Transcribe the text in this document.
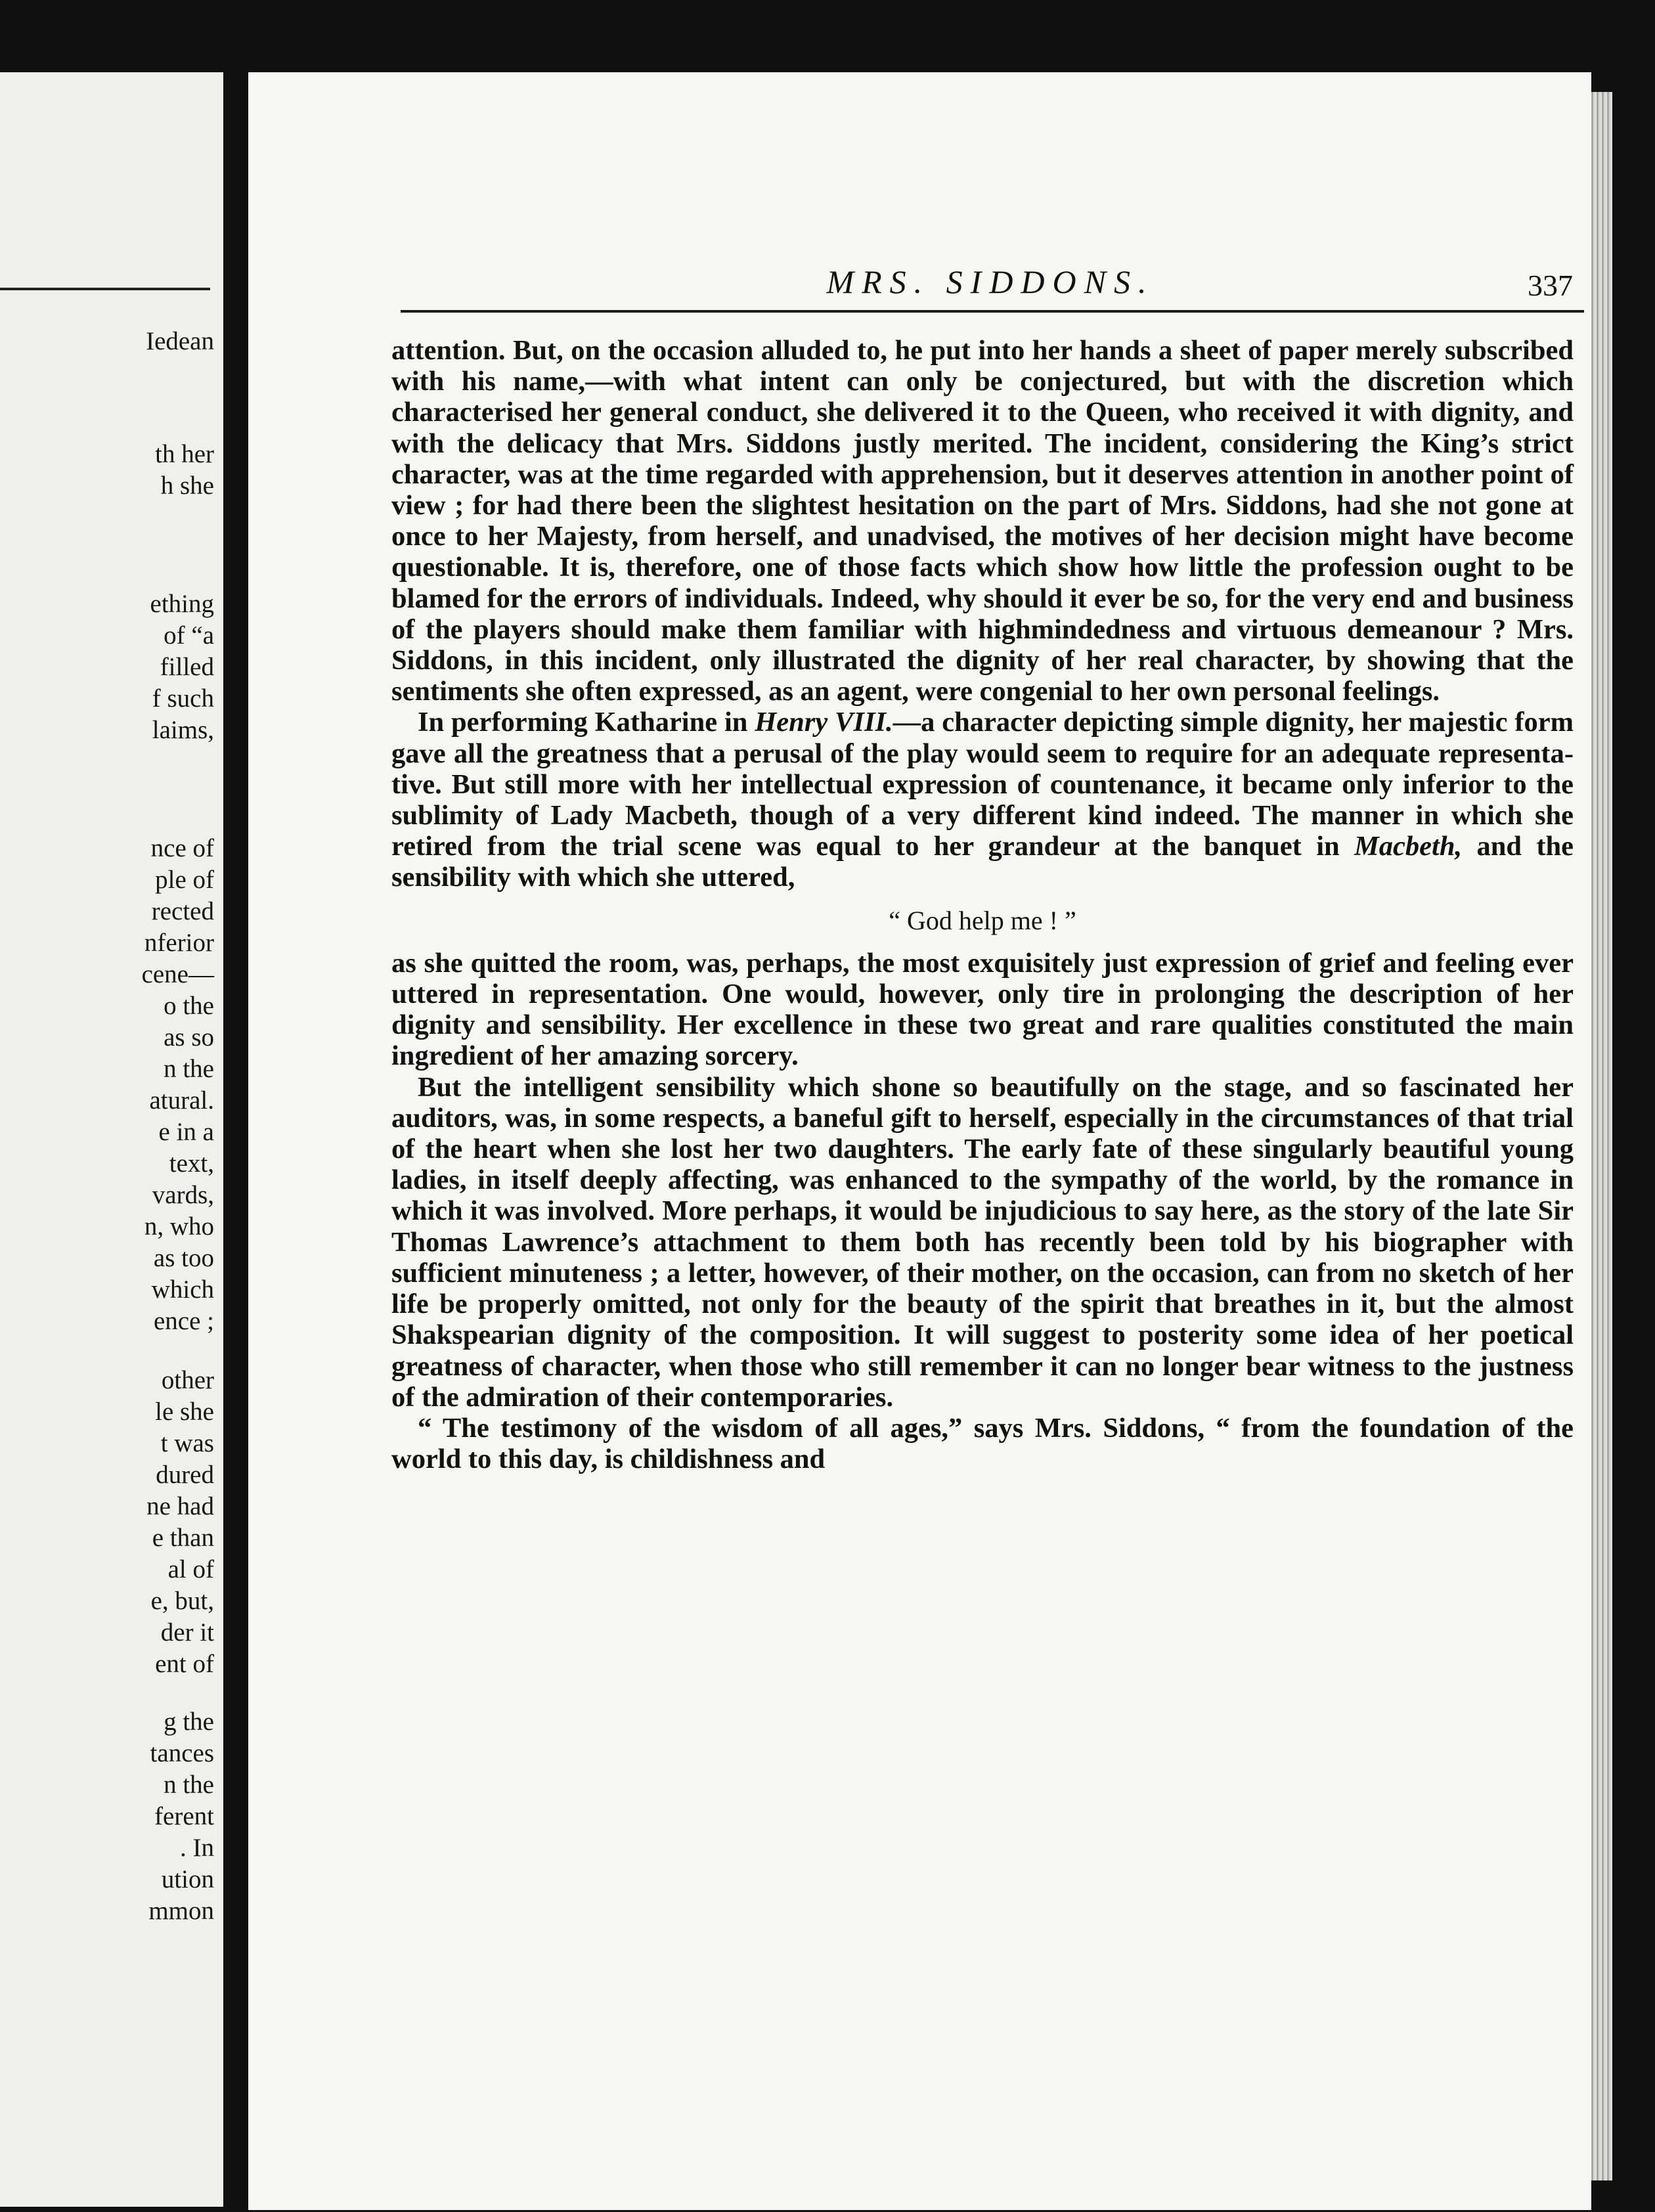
Iedean
th her
h she
ething
of “a
filled
f such
laims,
nce of
ple of
rected
nferior
cene—
o the
as so
n the
atural.
e in a
text,
vards,
n, who
as too
which
ence ;
other
le she
t was
dured
ne had
e than
al of
e, but,
der it
ent of
g the
tances
n the
ferent
. In
ution
mmon

MRS. SIDDONS.	337

attention. But, on the occasion alluded to, he put into her hands a sheet of paper merely subscribed with his name,—with what intent can only be conjectured, but with the discretion which characterised her general conduct, she delivered it to the Queen, who received it with dignity, and with the delicacy that Mrs. Siddons justly merited. The incident, considering the King’s strict character, was at the time regarded with apprehension, but it deserves attention in another point of view ; for had there been the slightest hesitation on the part of Mrs. Siddons, had she not gone at once to her Majesty, from herself, and unadvised, the motives of her decision might have become questionable. It is, therefore, one of those facts which show how little the profession ought to be blamed for the errors of individuals. Indeed, why should it ever be so, for the very end and business of the players should make them familiar with highmindedness and virtuous demeanour ? Mrs. Siddons, in this incident, only illustrated the dignity of her real character, by showing that the sentiments she often expressed, as an agent, were congenial to her own personal feelings.

In performing Katharine in Henry VIII.—a character depicting simple dignity, her majestic form gave all the greatness that a perusal of the play would seem to require for an adequate representative. But still more with her intellectual expression of countenance, it became only inferior to the sublimity of Lady Macbeth, though of a very different kind indeed. The manner in which she retired from the trial scene was equal to her grandeur at the banquet in Macbeth, and the sensibility with which she uttered,

“ God help me ! ”

as she quitted the room, was, perhaps, the most exquisitely just expression of grief and feeling ever uttered in representation. One would, however, only tire in prolonging the description of her dignity and sensibility. Her excellence in these two great and rare qualities constituted the main ingredient of her amazing sorcery.

But the intelligent sensibility which shone so beautifully on the stage, and so fascinated her auditors, was, in some respects, a baneful gift to herself, especially in the circumstances of that trial of the heart when she lost her two daughters. The early fate of these singularly beautiful young ladies, in itself deeply affecting, was enhanced to the sympathy of the world, by the romance in which it was involved. More perhaps, it would be injudicious to say here, as the story of the late Sir Thomas Lawrence’s attachment to them both has recently been told by his biographer with sufficient minuteness ; a letter, however, of their mother, on the occasion, can from no sketch of her life be properly omitted, not only for the beauty of the spirit that breathes in it, but the almost Shakspearian dignity of the composition. It will suggest to posterity some idea of her poetical greatness of character, when those who still remember it can no longer bear witness to the justness of the admiration of their contemporaries.

“ The testimony of the wisdom of all ages,” says Mrs. Siddons, “ from the foundation of the world to this day, is childishness and
